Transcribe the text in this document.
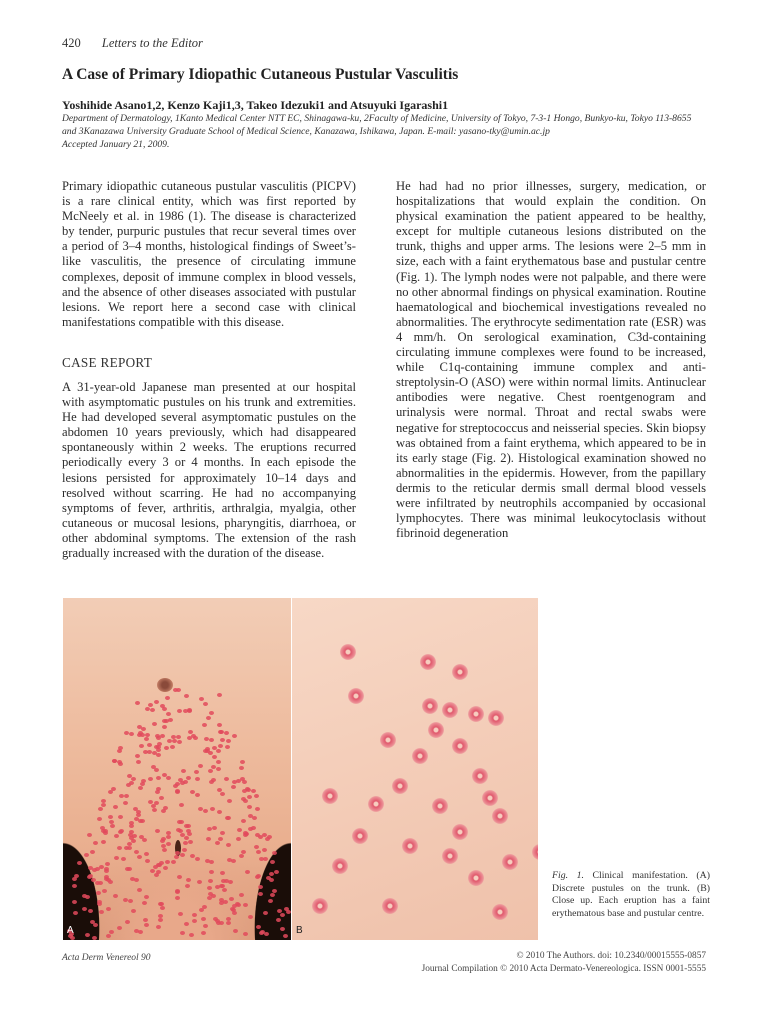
420 Letters to the Editor
A Case of Primary Idiopathic Cutaneous Pustular Vasculitis
Yoshihide Asano1,2, Kenzo Kaji1,3, Takeo Idezuki1 and Atsuyuki Igarashi1
Department of Dermatology, 1Kanto Medical Center NTT EC, Shinagawa-ku, 2Faculty of Medicine, University of Tokyo, 7-3-1 Hongo, Bunkyo-ku, Tokyo 113-8655 and 3Kanazawa University Graduate School of Medical Science, Kanazawa, Ishikawa, Japan. E-mail: yasano-tky@umin.ac.jp
Accepted January 21, 2009.

Primary idiopathic cutaneous pustular vasculitis (PICPV) is a rare clinical entity, which was first reported by McNeely et al. in 1986 (1). The disease is characterized by tender, purpuric pustules that recur several times over a period of 3–4 months, histological findings of Sweet’s-like vasculitis, the presence of circulating immune complexes, deposit of immune complex in blood vessels, and the absence of other diseases associated with pustular lesions. We report here a second case with clinical manifestations compatible with this disease.

CASE REPORT

A 31-year-old Japanese man presented at our hospital with asymptomatic pustules on his trunk and extremities. He had developed several asymptomatic pustules on the abdomen 10 years previously, which had disappeared spontaneously within 2 weeks. The eruptions recurred periodically every 3 or 4 months. In each episode the lesions persisted for approximately 10–14 days and resolved without scarring. He had no accompanying symptoms of fever, arthritis, arthralgia, myalgia, other cutaneous or mucosal lesions, pharyngitis, diarrhoea, or other abdominal symptoms. The extension of the rash gradually increased with the duration of the disease.

He had had no prior illnesses, surgery, medication, or hospitalizations that would explain the condition. On physical examination the patient appeared to be healthy, except for multiple cutaneous lesions distributed on the trunk, thighs and upper arms. The lesions were 2–5 mm in size, each with a faint erythematous base and pustular centre (Fig. 1). The lymph nodes were not palpable, and there were no other abnormal findings on physical examination. Routine haematological and biochemical investigations revealed no abnormalities. The erythrocyte sedimentation rate (ESR) was 4 mm/h. On serological examination, C3d-containing circulating immune complexes were found to be increased, while C1q-containing immune complex and anti-streptolysin-O (ASO) were within normal limits. Antinuclear antibodies were negative. Chest roentgenogram and urinalysis were normal. Throat and rectal swabs were negative for streptococcus and neisserial species. Skin biopsy was obtained from a faint erythema, which appeared to be in its early stage (Fig. 2). Histological examination showed no abnormalities in the epidermis. However, from the papillary dermis to the reticular dermis small dermal blood vessels were infiltrated by neutrophils accompanied by occasional lymphocytes. There was minimal leukocytoclasis without fibrinoid degeneration

A	B
Fig. 1. Clinical manifestation. (A) Discrete pustules on the trunk. (B) Close up. Each eruption has a faint erythematous base and pustular centre.
Acta Derm Venereol 90	© 2010 The Authors. doi: 10.2340/00015555-0857
Journal Compilation © 2010 Acta Dermato-Venereologica. ISSN 0001-5555
